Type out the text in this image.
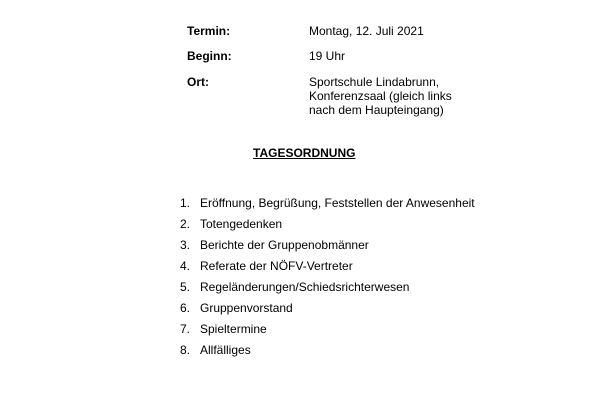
Termin:	Montag, 12. Juli 2021
Beginn:	19 Uhr
Ort:	Sportschule Lindabrunn,
Konferenzsaal (gleich links
nach dem Haupteingang)
TAGESORDNUNG
1. Eröffnung, Begrüßung, Feststellen der Anwesenheit
2. Totengedenken
3. Berichte der Gruppenobmänner
4. Referate der NÖFV-Vertreter
5. Regeländerungen/Schiedsrichterwesen
6. Gruppenvorstand
7. Spieltermine
8. Allfälliges
